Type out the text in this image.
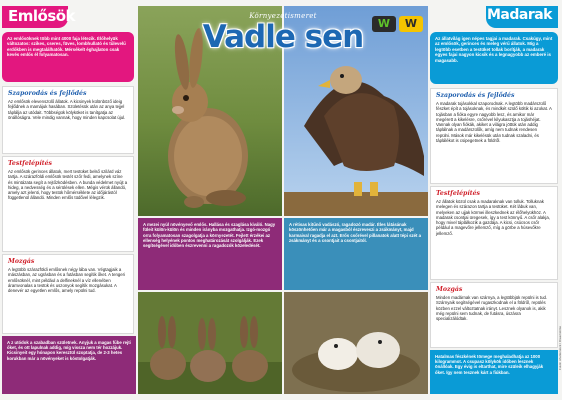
Emlősök
Az emlősöknek több mint 4000 faja létezik. Élőhelyük változatos: szikes, cseres, füves, lombhullató és tűlevelű erdőkben is megtalálhatók. Mérsékelt éghajlaton csak kevés emlős él folyamatosan.
Szaporodás és fejlődés
Az emlősök elevenszülő állatok. A kicsinyek különböző ideig fejlődnek a mamájuk hasában. Születésük után az anya tejjel táplálja az utódait. Többségük kölyköket is tanítgatja az önállóságra. Vele mindig vannak, hogy minden kapcsolat újul.
Testfelépítés
Az emlősök gerinces állatok, mert testüket belső szilárd váz tartja. A szárazföldi emlősök testét szőr fedi, amelynek színe és mintázata segít a rejtőzködésben. A bunda védelmet nyújt a hideg, a nedvesség és a sérülések ellen. Mégis vérük állandó, amely azt jelenti, hogy testük hőmérséklete az időjárástól függetlenül állandó. Minden emlős tüdővel lélegzik.
Mozgás
A legtöbb szárazföldi emlősnek négy lába van. Végtagjaik a mászásban, az ugrásban és a futásban segítik őket. A tengeri emlősöknél, mint például a delfineknél a víz ellenében áramvonalas a testük és uszonyok segítik mozgásukat. A denevér az egyetlen emlős, amely repülni tud.
Környezetismeret
Vadle sen	W	W
A mezei nyúl növényevő emlős. Hallása és szaglása kiváló. Nagy füleit külön-külön és minden irányba mozgathatja. Izgó-mozgó orra folyamatosan szagolgatja a környezetét. Fejlett érzékei az ellenség helyének pontos meghatározását szolgálják. Ezek segítségével időben észrevenni a ragadozók közeledését.
A rétisas kitűnő vadászó, ragadozó madár. Éles látásának köszönhetően már a magasból észreveszi a zsákmányt, majd karmaival ragadja el azt. Erős csőrével pillanatok alatt tépi szét a zsákmányt és a csontjait a csontjaitól.
A z utódok a szabadban születnek. Anyjuk a magas fűbe rejti őket, és ott lapulnak addig, míg vissza nem tér hozzájuk. Kicsinyeit egy hónapon keresztül szoptatja, de 2-3 hetes korukban már a növényeket is kóstolgatják.
Madarak
Az állatvilág igen népes tagjai a madarak. Csakúgy, mint az emlősök, gerinces és meleg vérű állatok. Míg a legtöbb esetben a testüket tollak borítják, a madarak egyes fajai nagyon kicsik és a legnagyobb az emberé is magasabb.
Szaporodás és fejlődés
A madarak tojásokkal szaporodnak. A legtöbb madárszülő fészket épít a tojásoknak, és mindkét szülő költik ki azokat. A tojásban a fióka egyre nagyobb lesz, és amikor már megérett a kikelésre, csőrével kilyukasztja a tojáshéjat. Vannak olyan fiókák, akiket a világra jöttük után addig táplálnak a madárszülők, amíg nem tudnak rendesen repülni. Mások már kikelésük után tudnak szaladni, és táplálékot is csipegetnek a földről.
Testfelépítés
Az állatok közül csak a madaraknak van tolluk. Tolluknak melegen és szárazon tartja a testüket. Két lábuk van, melyeken az ujjak körmei illeszkednek az élőhelyükhöz. A madarak csontjai üregesek, így a test könnyű. A csőr alakja, hogy mivel táplálkozik a gazdája. A kicsi, csúcsos csőr például a magevőre jellemző, míg a görbe a húsevőkre jellemző.
Mozgás
Minden madárnak van szárnya, a legtöbbjük repülni is tud. Szárnyaik segítségével rugaszkodnak el a földről, repülés közben ezzel változtatnak irányt. Lesznek olyanok is, akik még repülni sem tudnak, de futásra, úszásra specializálódtak.
Hatalmas fészkének tömege meghaladhatja az 1000 kilogrammot. A csupasz kölykök időben lesznek önállóak. Egy évig is eltarthat, mire szüleik elhagyják őket. Így nem tesznek kárt a fiúkban.
Fotók: shutterstock / Dreamstime
